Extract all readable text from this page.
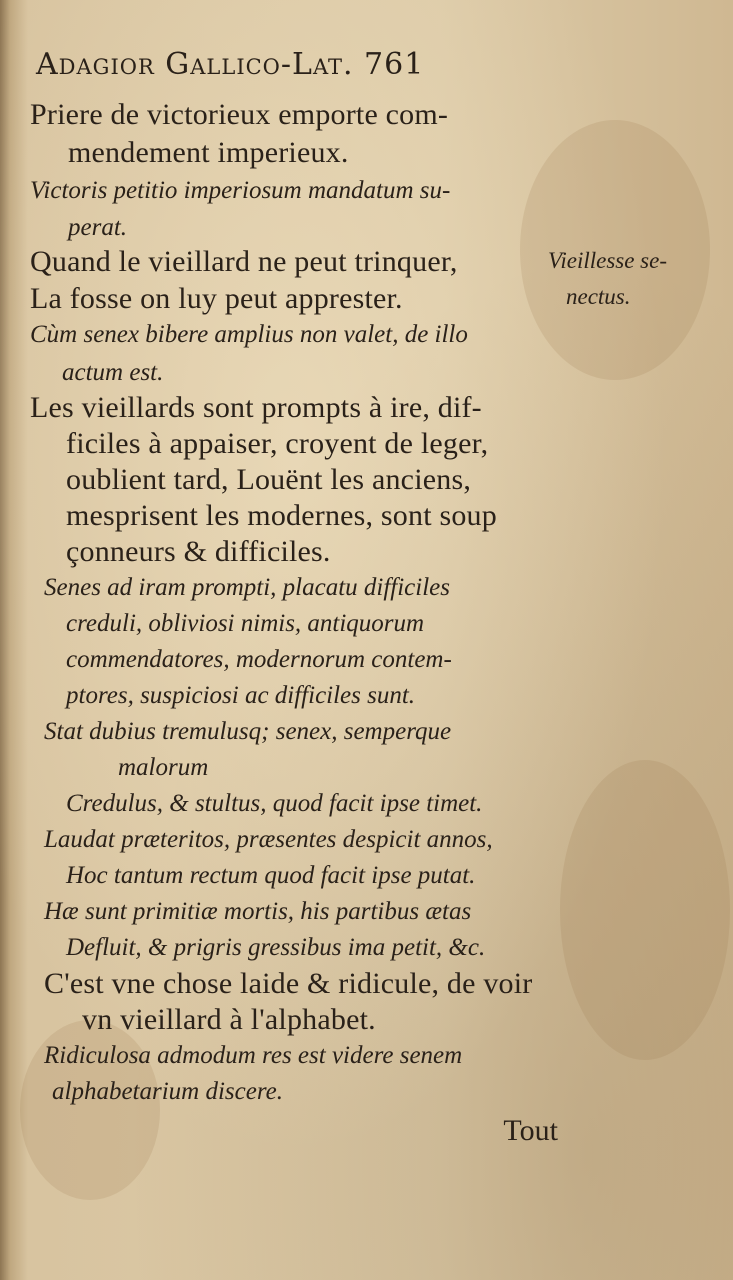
Adagior Gallico-Lat. 761
Priere de victorieux emporte com-
mendement imperieux.
Victoris petitio imperiosum mandatum su-
perat.
Quand le vieillard ne peut trinquer,
La fosse on luy peut apprester.
Cùm senex bibere amplius non valet, de illo
actum est.
Les vieillards sont prompts à ire, dif-
ficiles à appaiser, croyent de leger,
oublient tard, Louënt les anciens,
mesprisent les modernes, sont soup
çonneurs & difficiles.
Senes ad iram prompti, placatu difficiles
creduli, obliviosi nimis, antiquorum
commendatores, modernorum contem-
ptores, suspiciosi ac difficiles sunt.
Stat dubius tremulusq; senex, semperque
malorum
Credulus, & stultus, quod facit ipse timet.
Laudat præteritos, præsentes despicit annos,
Hoc tantum rectum quod facit ipse putat.
Hæ sunt primitiæ mortis, his partibus ætas
Defluit, & prigris gressibus ima petit, &c.
C'est vne chose laide & ridicule, de voir
vn vieillard à l'alphabet.
Ridiculosa admodum res est videre senem
alphabetarium discere.
Vieillesse se-
nectus.
Tout
